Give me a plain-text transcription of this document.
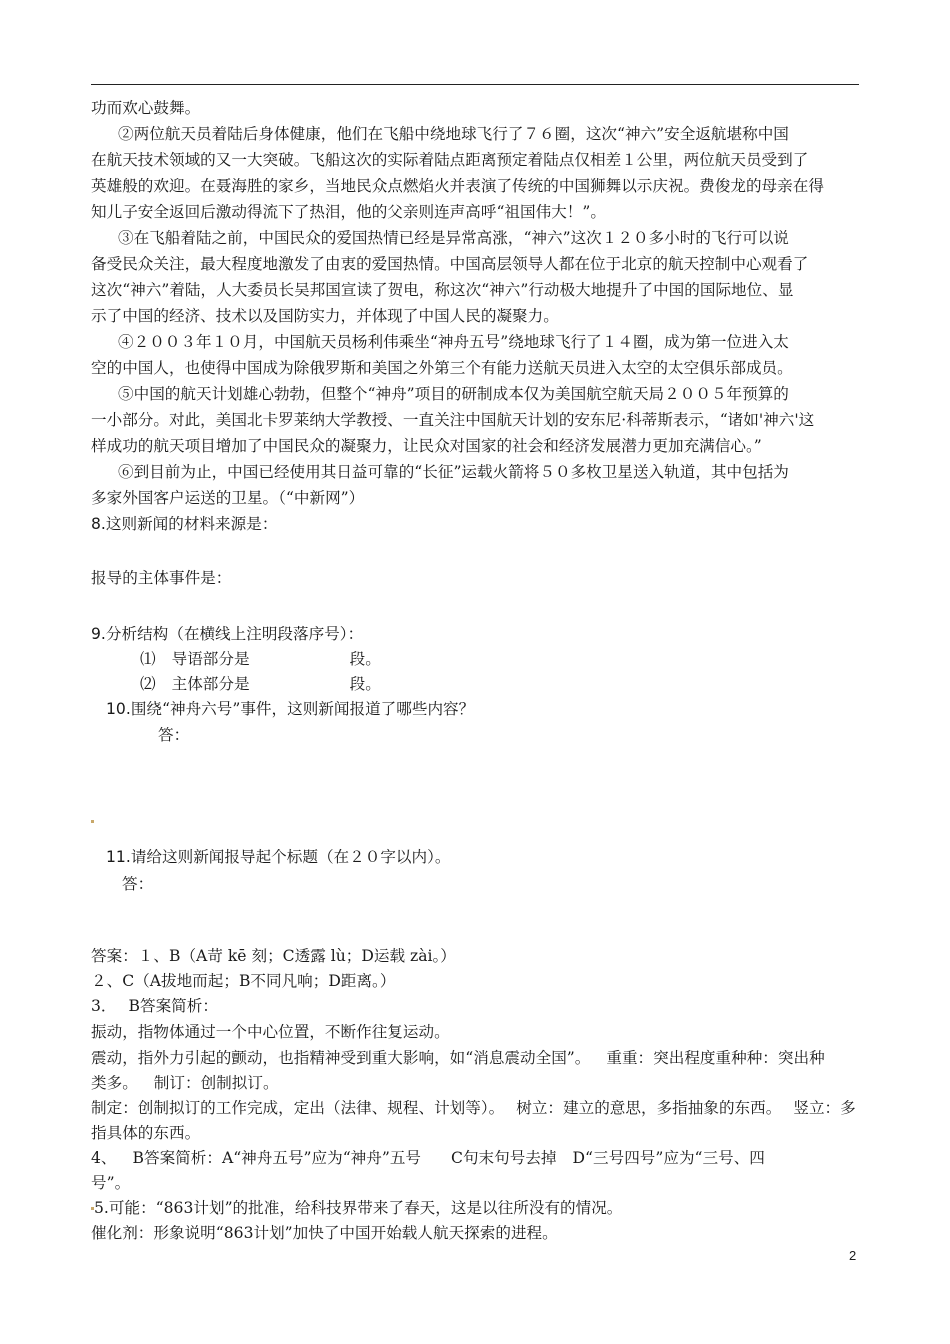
功而欢心鼓舞。
②两位航天员着陆后身体健康，他们在飞船中绕地球飞行了７６圈，这次“神六”安全返航堪称中国
在航天技术领域的又一大突破。飞船这次的实际着陆点距离预定着陆点仅相差１公里，两位航天员受到了
英雄般的欢迎。在聂海胜的家乡，当地民众点燃焰火并表演了传统的中国狮舞以示庆祝。费俊龙的母亲在得
知儿子安全返回后激动得流下了热泪，他的父亲则连声高呼“祖国伟大！”。
③在飞船着陆之前，中国民众的爱国热情已经是异常高涨，“神六”这次１２０多小时的飞行可以说
备受民众关注，最大程度地激发了由衷的爱国热情。中国高层领导人都在位于北京的航天控制中心观看了
这次“神六”着陆，人大委员长吴邦国宣读了贺电，称这次“神六”行动极大地提升了中国的国际地位、显
示了中国的经济、技术以及国防实力，并体现了中国人民的凝聚力。
④２００３年１０月，中国航天员杨利伟乘坐“神舟五号”绕地球飞行了１４圈，成为第一位进入太
空的中国人，也使得中国成为除俄罗斯和美国之外第三个有能力送航天员进入太空的太空俱乐部成员。
⑤中国的航天计划雄心勃勃，但整个“神舟”项目的研制成本仅为美国航空航天局２００５年预算的
一小部分。对此，美国北卡罗莱纳大学教授、一直关注中国航天计划的安东尼·科蒂斯表示，“诸如'神六'这
样成功的航天项目增加了中国民众的凝聚力，让民众对国家的社会和经济发展潜力更加充满信心。”
⑥到目前为止，中国已经使用其日益可靠的“长征”运载火箭将５０多枚卫星送入轨道，其中包括为
多家外国客户运送的卫星。（“中新网”）
8.这则新闻的材料来源是：
报导的主体事件是：
9.分析结构（在横线上注明段落序号）：
⑴ 导语部分是	段。
⑵ 主体部分是	段。
10.围绕“神舟六号”事件，这则新闻报道了哪些内容？
答：
11.请给这则新闻报导起个标题（在２０字以内）。
答：
答案：１、B（A苛 kē 刻；C透露 lù；D运载 zài。）
２、C（A拔地而起；B不同凡响；D距离。）
3． B答案简析：
振动，指物体通过一个中心位置，不断作往复运动。
震动，指外力引起的颤动，也指精神受到重大影响，如“消息震动全国”。 重重：突出程度重种种：突出种
类多。 制订：创制拟订。
制定：创制拟订的工作完成，定出（法律、规程、计划等）。 树立：建立的意思，多指抽象的东西。 竖立：多
指具体的东西。
4、 B答案简析：A“神舟五号”应为“神舟”五号 C句末句号去掉 D“三号四号”应为“三号、四
号”。
5.可能：“863计划”的批准，给科技界带来了春天，这是以往所没有的情况。
催化剂：形象说明“863计划”加快了中国开始载人航天探索的进程。
2
